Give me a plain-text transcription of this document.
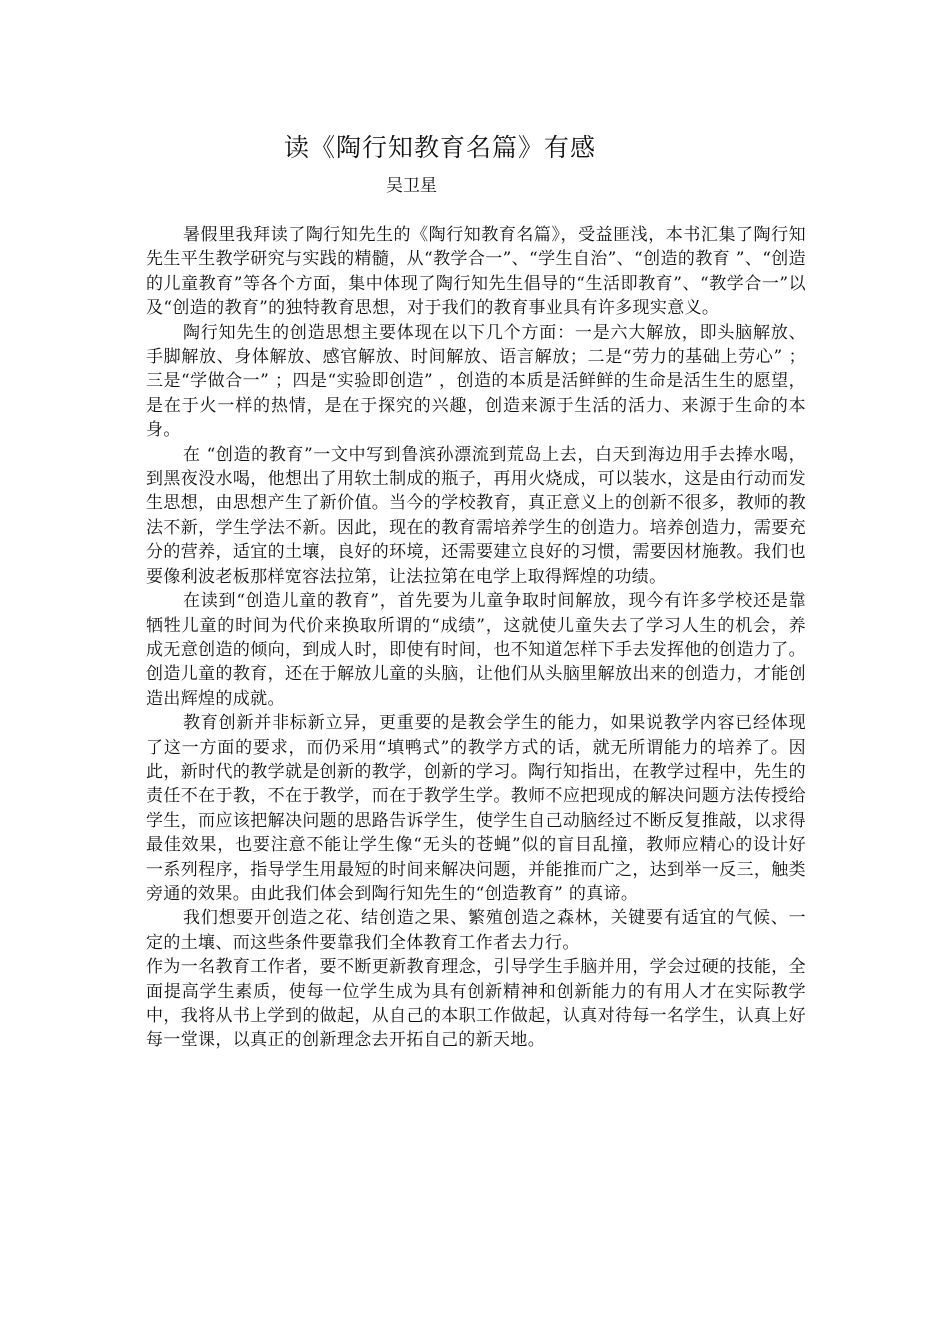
读《陶行知教育名篇》有感
吴卫星

暑假里我拜读了陶行知先生的《陶行知教育名篇》，受益匪浅，本书汇集了陶行知先生平生教学研究与实践的精髓，从“教学合一”、“学生自治”、“创造的教育 ”、“创造的儿童教育”等各个方面，集中体现了陶行知先生倡导的“生活即教育”、“教学合一”以及“创造的教育”的独特教育思想，对于我们的教育事业具有许多现实意义。

陶行知先生的创造思想主要体现在以下几个方面：一是六大解放，即头脑解放、手脚解放、身体解放、感官解放、时间解放、语言解放；二是“劳力的基础上劳心” ；三是“学做合一” ；四是“实验即创造” ，创造的本质是活鲜鲜的生命是活生生的愿望，是在于火一样的热情，是在于探究的兴趣，创造来源于生活的活力、来源于生命的本身。

在 “创造的教育”一文中写到鲁滨孙漂流到荒岛上去，白天到海边用手去捧水喝，到黑夜没水喝，他想出了用软土制成的瓶子，再用火烧成，可以装水，这是由行动而发生思想，由思想产生了新价值。当今的学校教育，真正意义上的创新不很多，教师的教法不新，学生学法不新。因此，现在的教育需培养学生的创造力。培养创造力，需要充分的营养，适宜的土壤，良好的环境，还需要建立良好的习惯，需要因材施教。我们也要像利波老板那样宽容法拉第，让法拉第在电学上取得辉煌的功绩。

在读到“创造儿童的教育”，首先要为儿童争取时间解放，现今有许多学校还是靠牺牲儿童的时间为代价来换取所谓的“成绩”，这就使儿童失去了学习人生的机会，养成无意创造的倾向，到成人时，即使有时间，也不知道怎样下手去发挥他的创造力了。创造儿童的教育，还在于解放儿童的头脑，让他们从头脑里解放出来的创造力，才能创造出辉煌的成就。

教育创新并非标新立异，更重要的是教会学生的能力，如果说教学内容已经体现了这一方面的要求，而仍采用“填鸭式”的教学方式的话，就无所谓能力的培养了。因此，新时代的教学就是创新的教学，创新的学习。陶行知指出，在教学过程中，先生的责任不在于教，不在于教学，而在于教学生学。教师不应把现成的解决问题方法传授给学生，而应该把解决问题的思路告诉学生，使学生自己动脑经过不断反复推敲，以求得最佳效果，也要注意不能让学生像“无头的苍蝇”似的盲目乱撞，教师应精心的设计好一系列程序，指导学生用最短的时间来解决问题，并能推而广之，达到举一反三，触类旁通的效果。由此我们体会到陶行知先生的“创造教育” 的真谛。

我们想要开创造之花、结创造之果、繁殖创造之森林，关键要有适宜的气候、一定的土壤、而这些条件要靠我们全体教育工作者去力行。

作为一名教育工作者，要不断更新教育理念，引导学生手脑并用，学会过硬的技能，全面提高学生素质，使每一位学生成为具有创新精神和创新能力的有用人才在实际教学中，我将从书上学到的做起，从自己的本职工作做起，认真对待每一名学生，认真上好每一堂课，以真正的创新理念去开拓自己的新天地。
